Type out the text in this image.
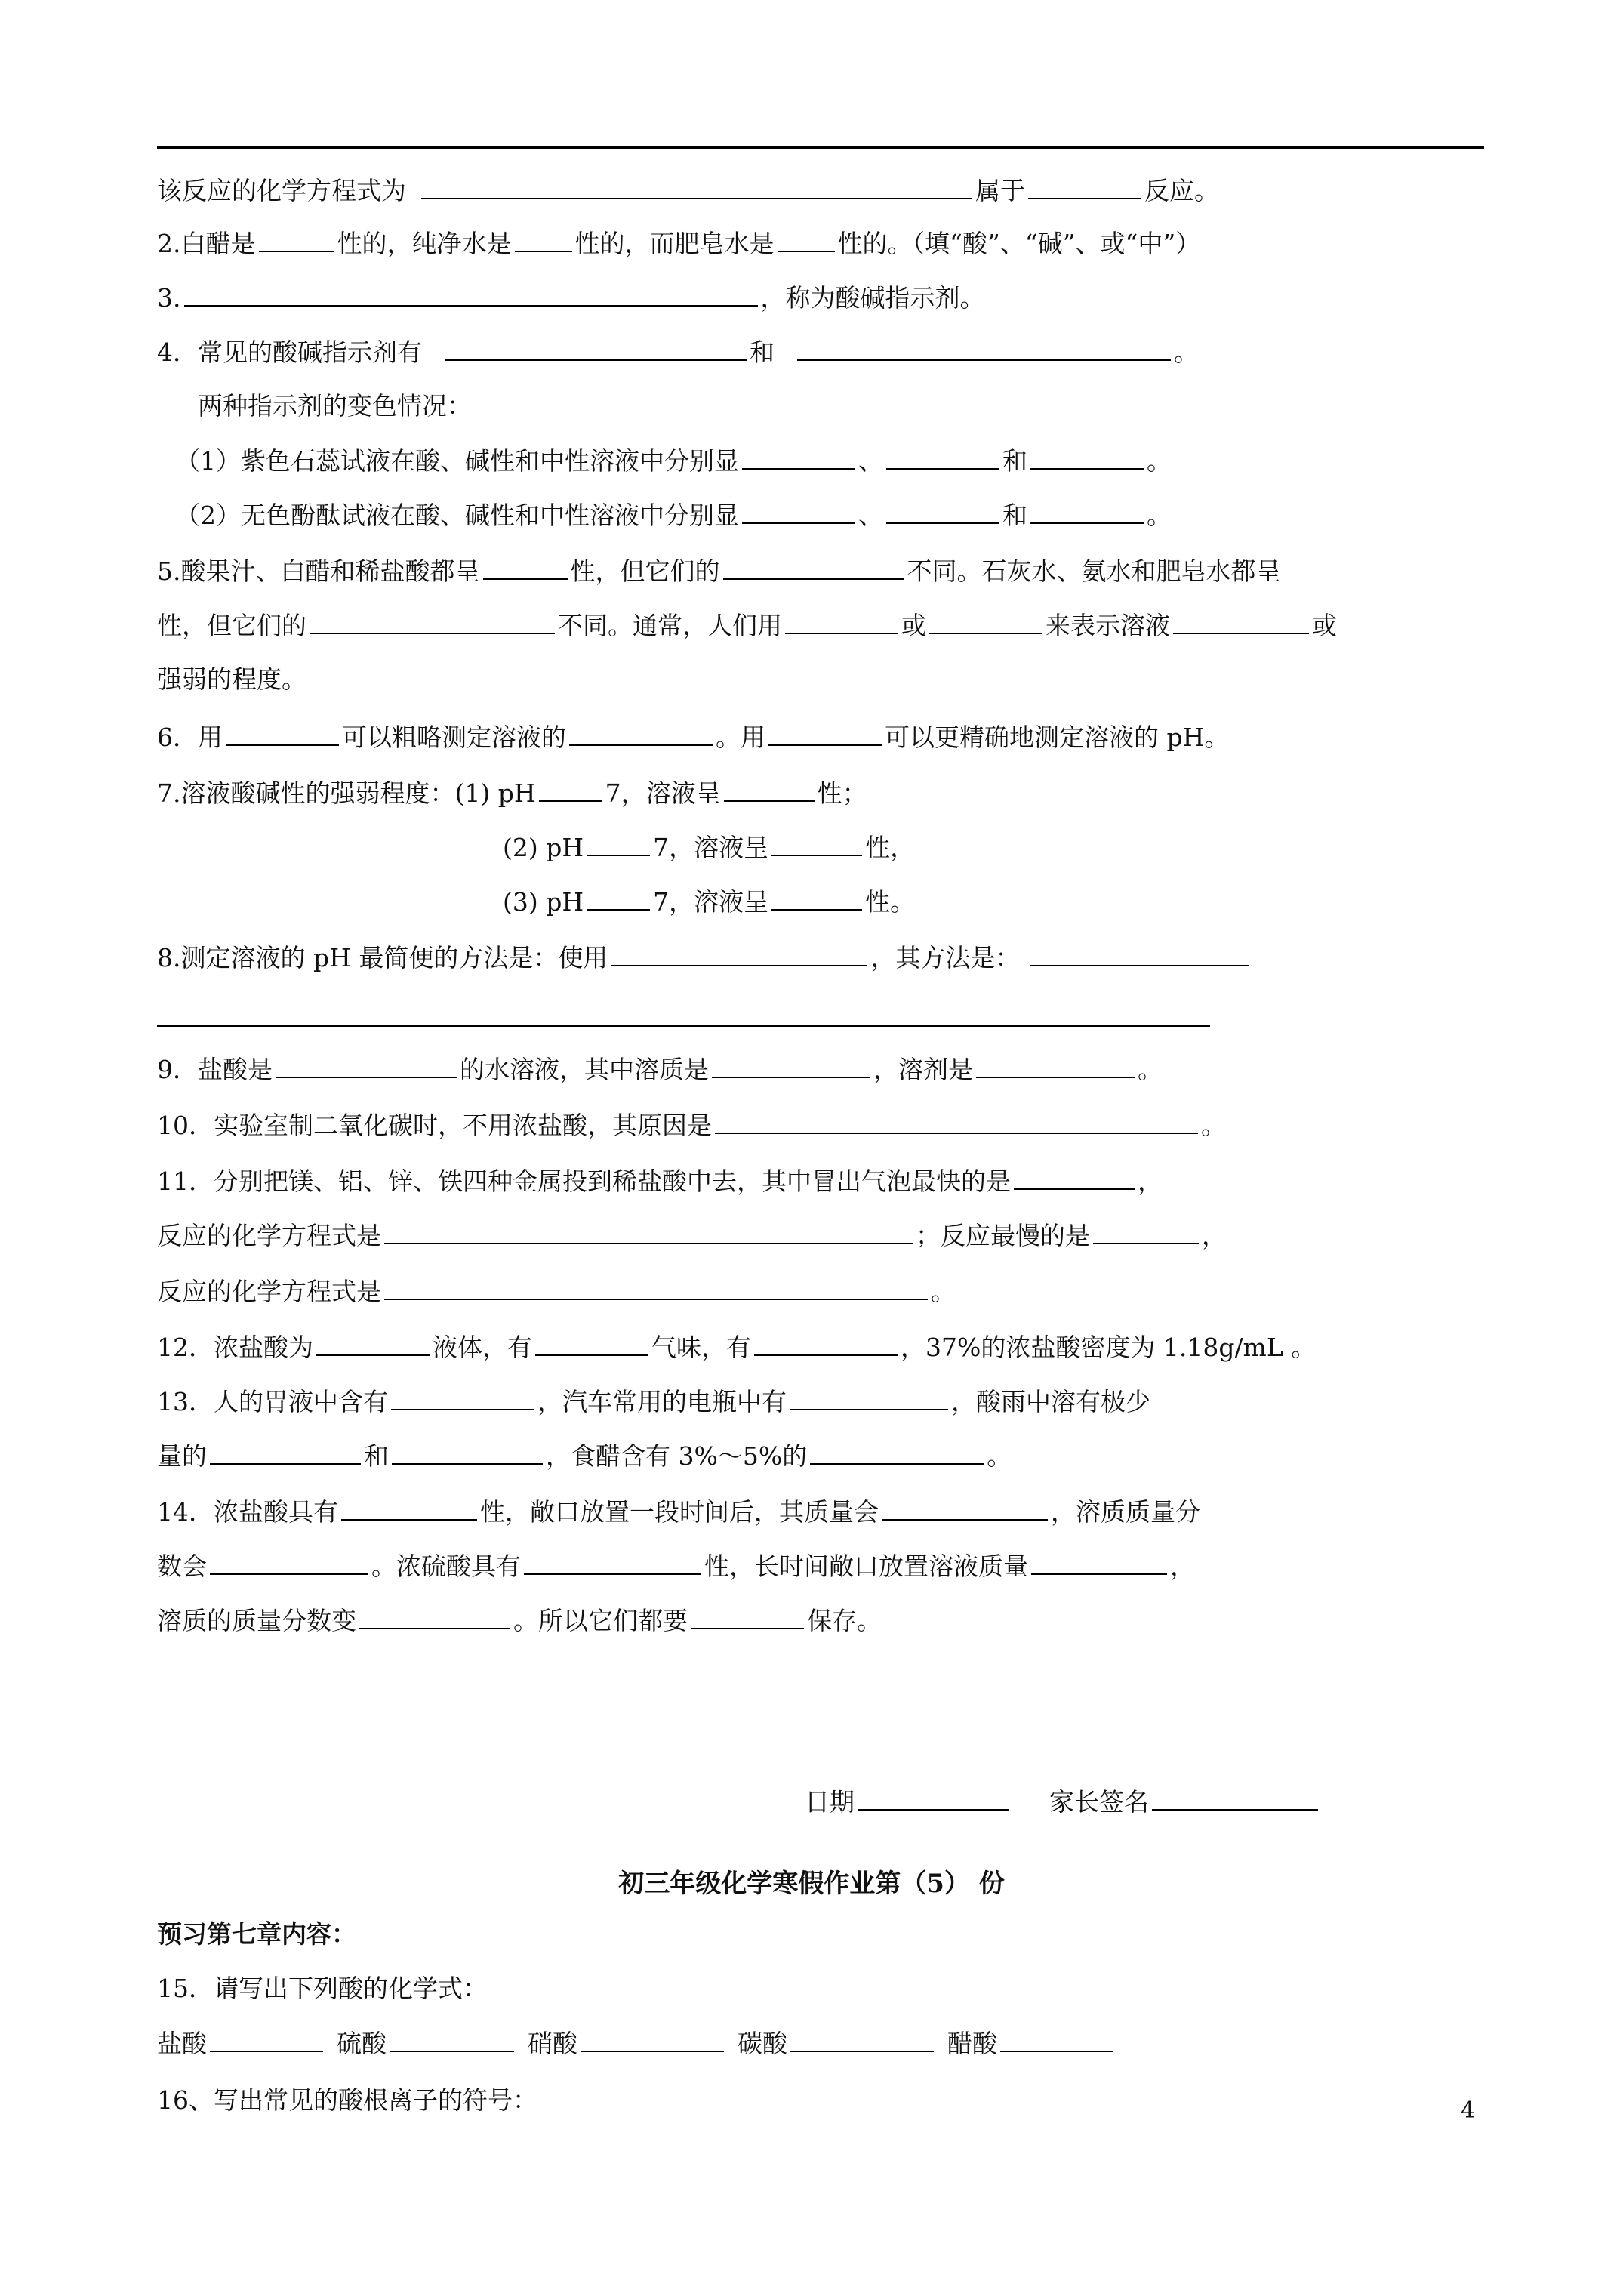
该反应的化学方程式为	属于	反应。
2.白醋是	性的，纯净水是	性的，而肥皂水是	性的。（填“酸”、“碱”、或“中”）
3.	，称为酸碱指示剂。
4．常见的酸碱指示剂有	和	。
两种指示剂的变色情况：
（1）紫色石蕊试液在酸、碱性和中性溶液中分别显	、	和	。
（2）无色酚酞试液在酸、碱性和中性溶液中分别显	、	和	。
5.酸果汁、白醋和稀盐酸都呈	性，但它们的	不同。石灰水、氨水和肥皂水都呈
性，但它们的	不同。通常，人们用	或	来表示溶液	或
强弱的程度。
6．用	可以粗略测定溶液的	。用	可以更精确地测定溶液的 pH。
7.溶液酸碱性的强弱程度：(1) pH	7，溶液呈	性；
(2) pH	7，溶液呈	性，
(3) pH	7，溶液呈	性。
8.测定溶液的 pH 最简便的方法是：使用	，其方法是：
9．盐酸是	的水溶液，其中溶质是	，溶剂是	。
10．实验室制二氧化碳时，不用浓盐酸，其原因是	。
11．分别把镁、铝、锌、铁四种金属投到稀盐酸中去，其中冒出气泡最快的是	，
反应的化学方程式是	；反应最慢的是	，
反应的化学方程式是	。
12．浓盐酸为	液体，有	气味，有	，37%的浓盐酸密度为 1.18g/mL 。
13．人的胃液中含有	，汽车常用的电瓶中有	，酸雨中溶有极少
量的	和	，食醋含有 3%～5%的	。
14．浓盐酸具有	性，敞口放置一段时间后，其质量会	，溶质质量分
数会	。浓硫酸具有	性，长时间敞口放置溶液质量	，
溶质的质量分数变	。所以它们都要	保存。
日期	家长签名
初三年级化学寒假作业第（5） 份
预习第七章内容：
15．请写出下列酸的化学式：
盐酸	硫酸	硝酸	碳酸	醋酸
16、写出常见的酸根离子的符号：	4
